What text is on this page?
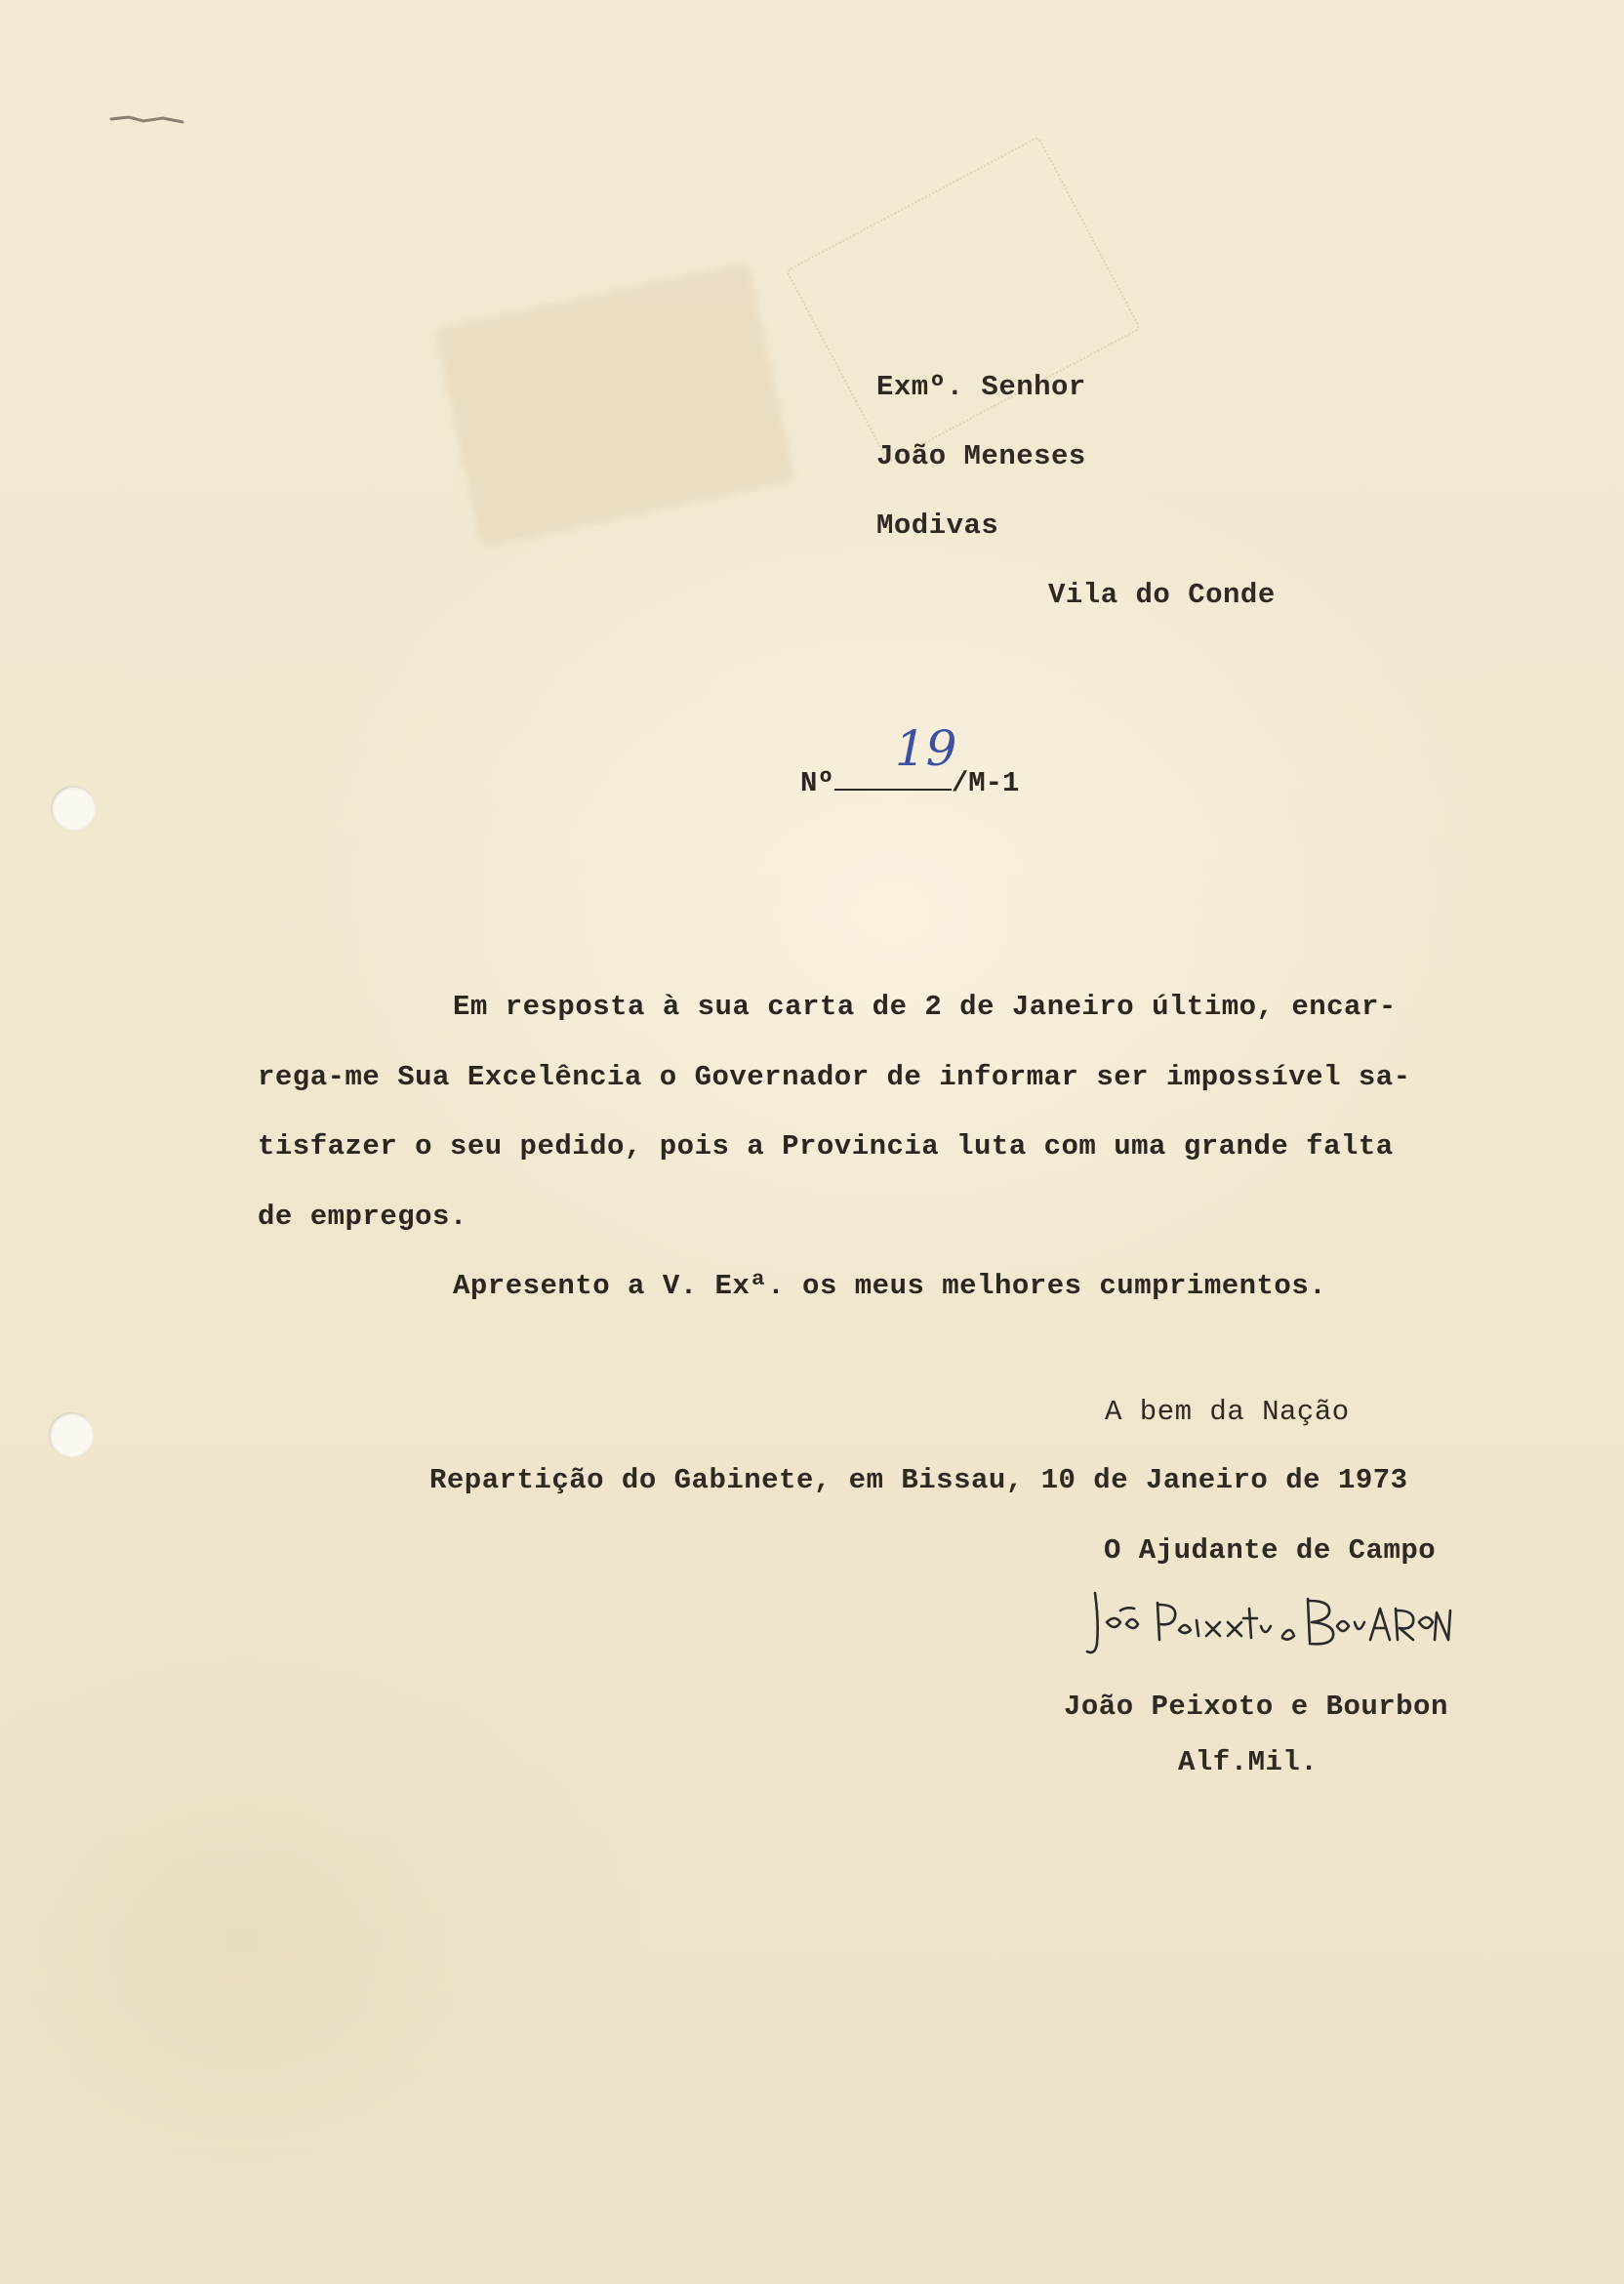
Exmº. Senhor
João Meneses
Modivas
Vila do Conde
Nº
19
/M-1
Em resposta à sua carta de 2 de Janeiro último, encar-
rega-me Sua Excelência o Governador de informar ser impossível sa-
tisfazer o seu pedido, pois a Provincia luta com uma grande falta
de empregos.
Apresento a V. Exª. os meus melhores cumprimentos.
A bem da Nação
Repartição do Gabinete, em Bissau, 10 de Janeiro de 1973
O Ajudante de Campo
João Peixoto e Bourbon
Alf.Mil.
